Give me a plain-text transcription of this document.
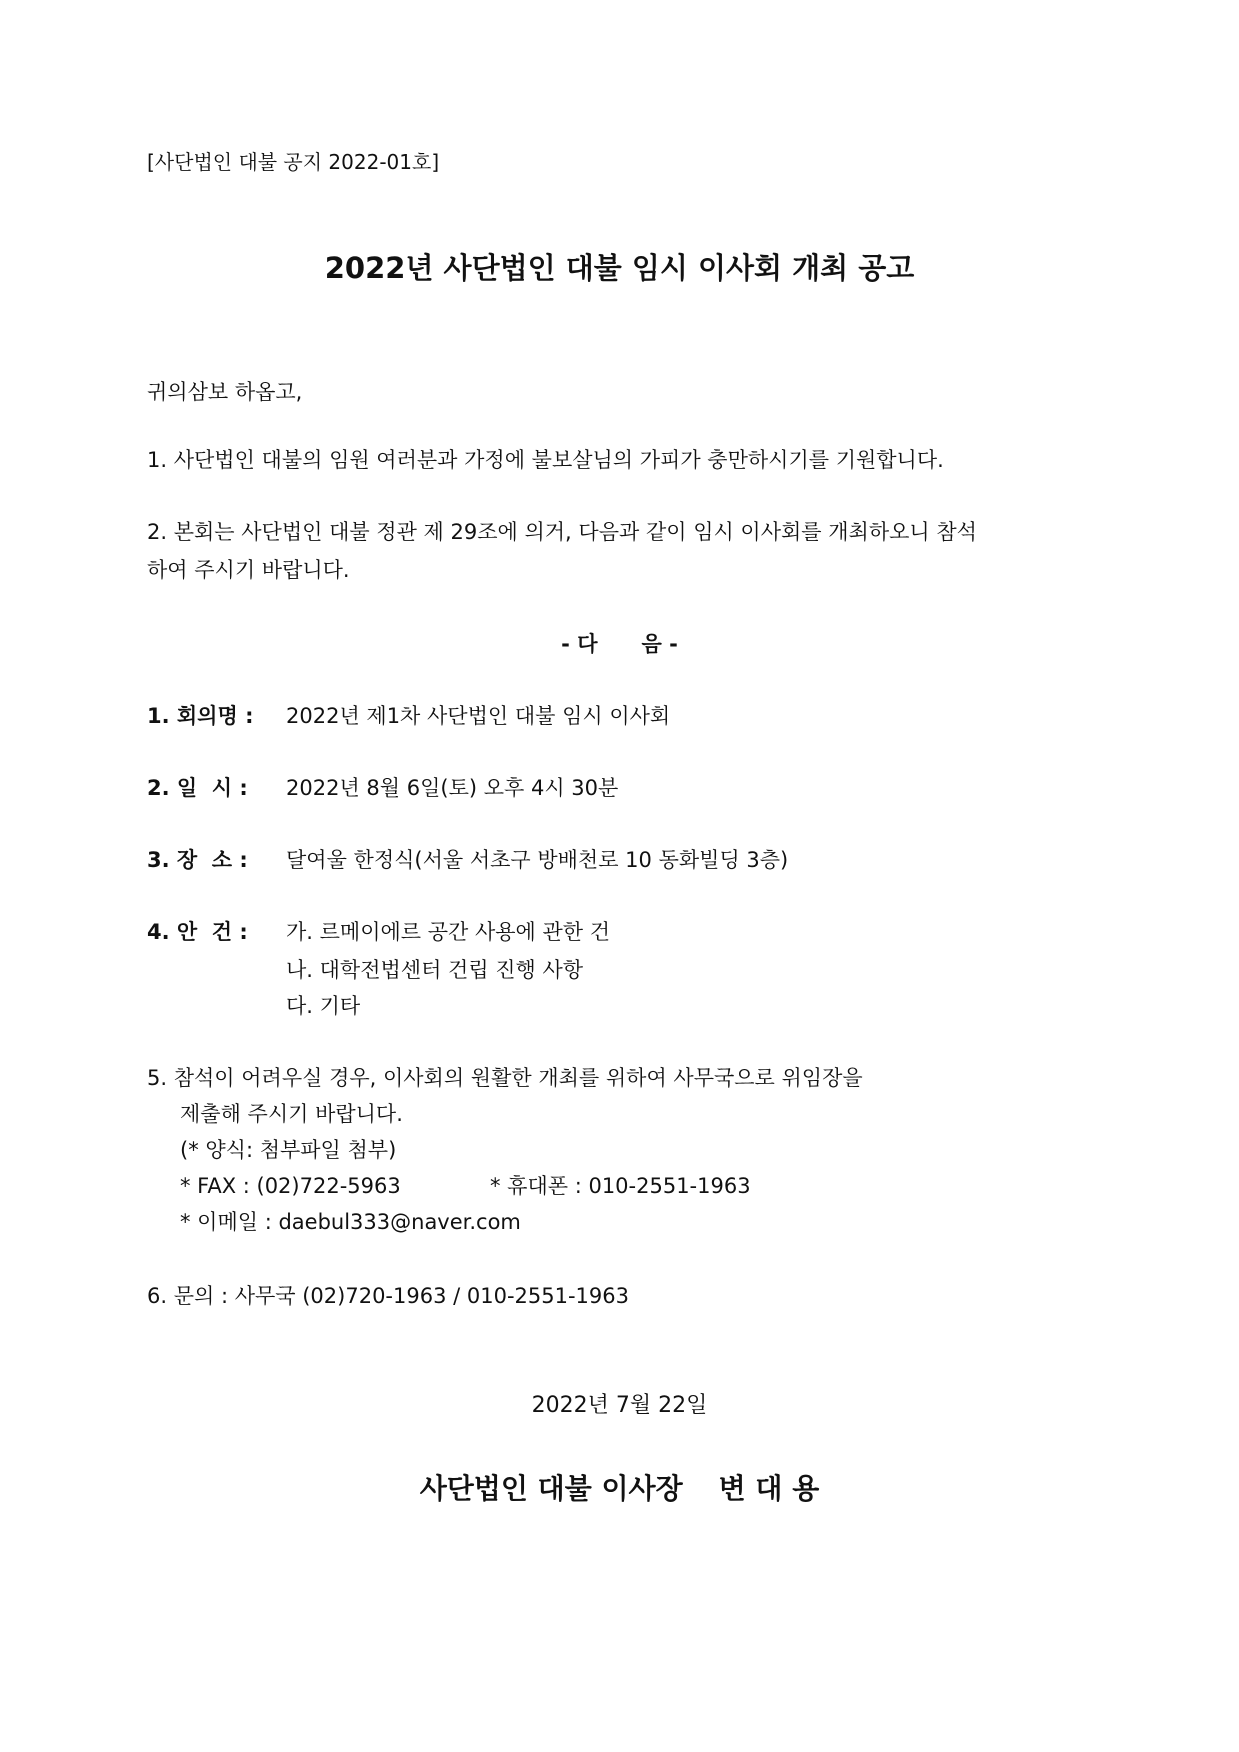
[사단법인 대불 공지 2022-01호]
2022년 사단법인 대불 임시 이사회 개최 공고
귀의삼보 하옵고,
1. 사단법인 대불의 임원 여러분과 가정에 불보살님의 가피가 충만하시기를 기원합니다.
2. 본회는 사단법인 대불 정관 제 29조에 의거, 다음과 같이 임시 이사회를 개최하오니 참석
하여 주시기 바랍니다.
- 다 음 -
1. 회의명 : 2022년 제1차 사단법인 대불 임시 이사회
2. 일  시 : 2022년 8월 6일(토) 오후 4시 30분
3. 장  소 : 달여울 한정식(서울 서초구 방배천로 10 동화빌딩 3층)
4. 안  건 : 가. 르메이에르 공간 사용에 관한 건
나. 대학전법센터 건립 진행 사항
다. 기타
5. 참석이 어려우실 경우, 이사회의 원활한 개최를 위하여 사무국으로 위임장을
제출해 주시기 바랍니다.
(* 양식: 첨부파일 첨부)
* FAX : (02)722-5963	* 휴대폰 : 010-2551-1963
* 이메일 : daebul333@naver.com
6. 문의 : 사무국 (02)720-1963 / 010-2551-1963
2022년 7월 22일
사단법인 대불 이사장 변 대 용
